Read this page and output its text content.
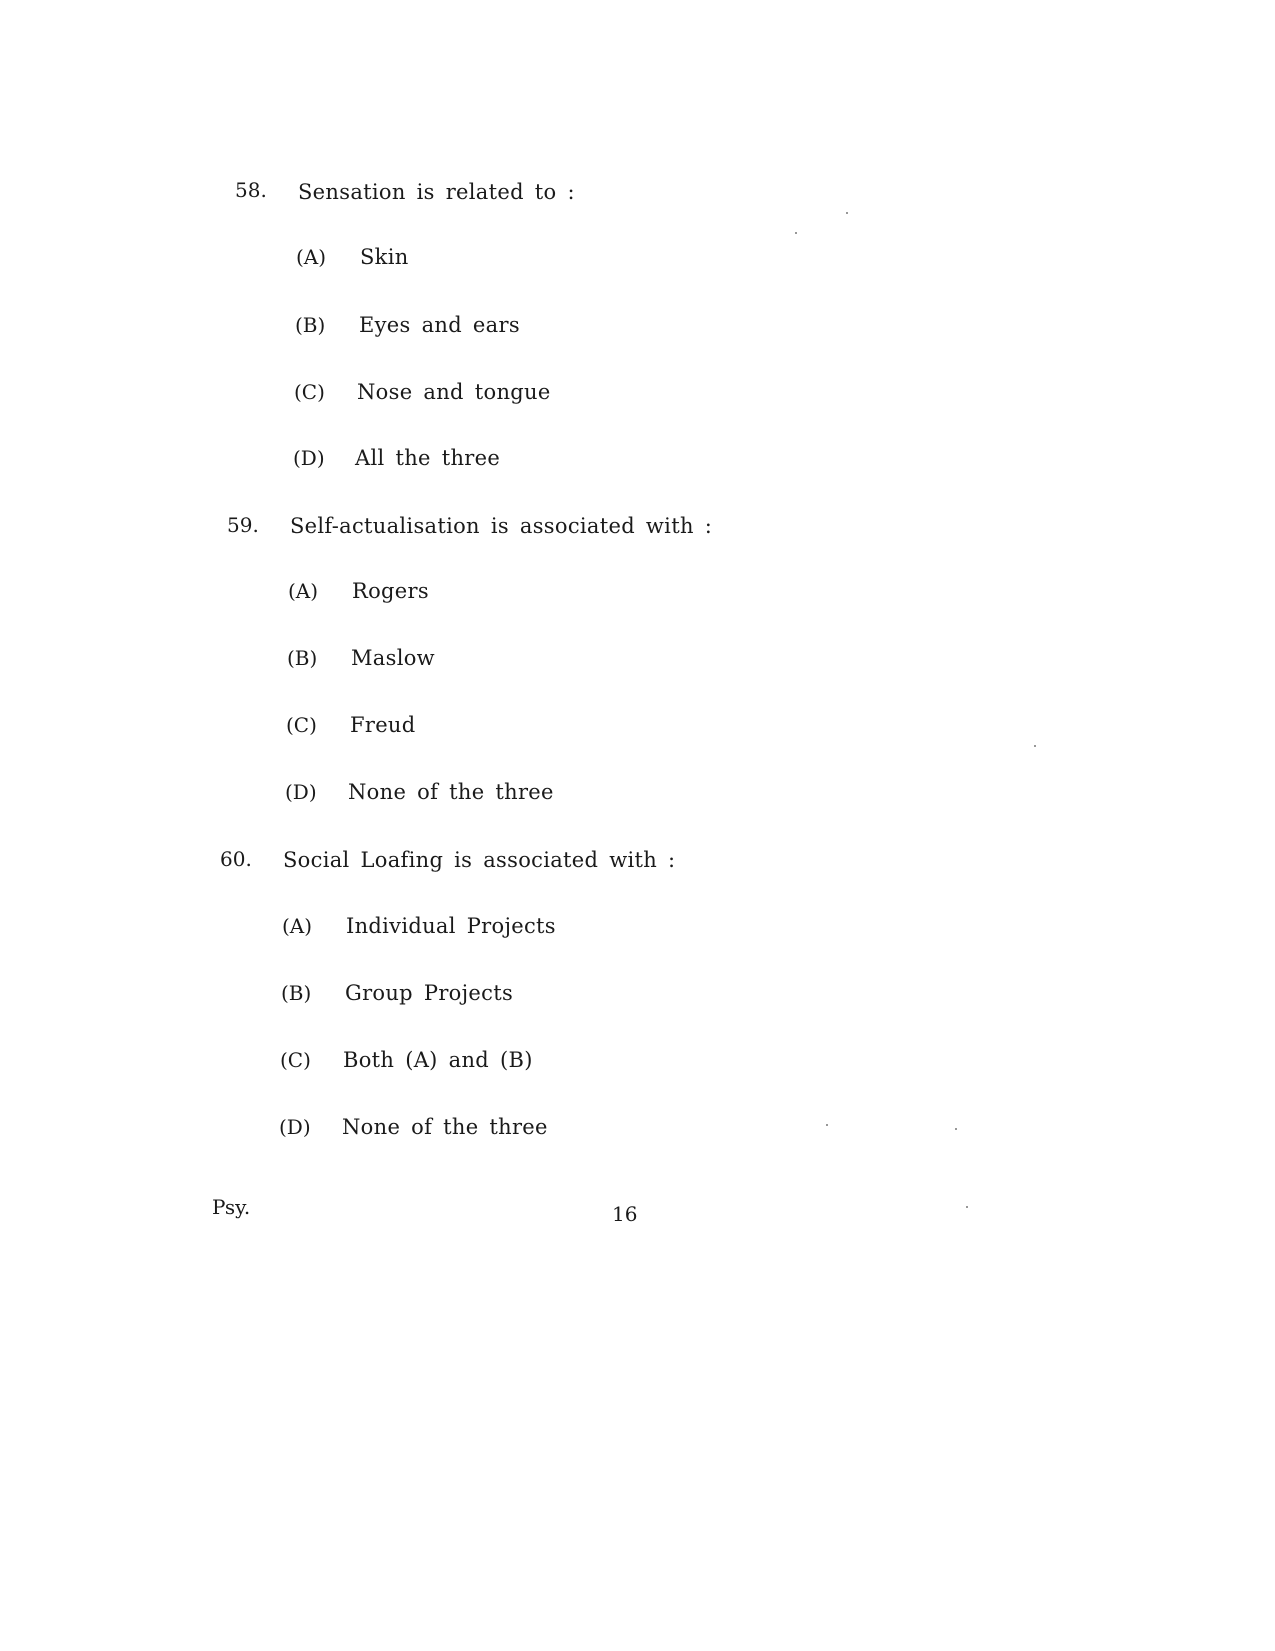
58. Sensation is related to :
(A) Skin
(B) Eyes and ears
(C) Nose and tongue
(D) All the three
59. Self-actualisation is associated with :
(A) Rogers
(B) Maslow
(C) Freud
(D) None of the three
60. Social Loafing is associated with :
(A) Individual Projects
(B) Group Projects
(C) Both (A) and (B)
(D) None of the three
Psy.	16
